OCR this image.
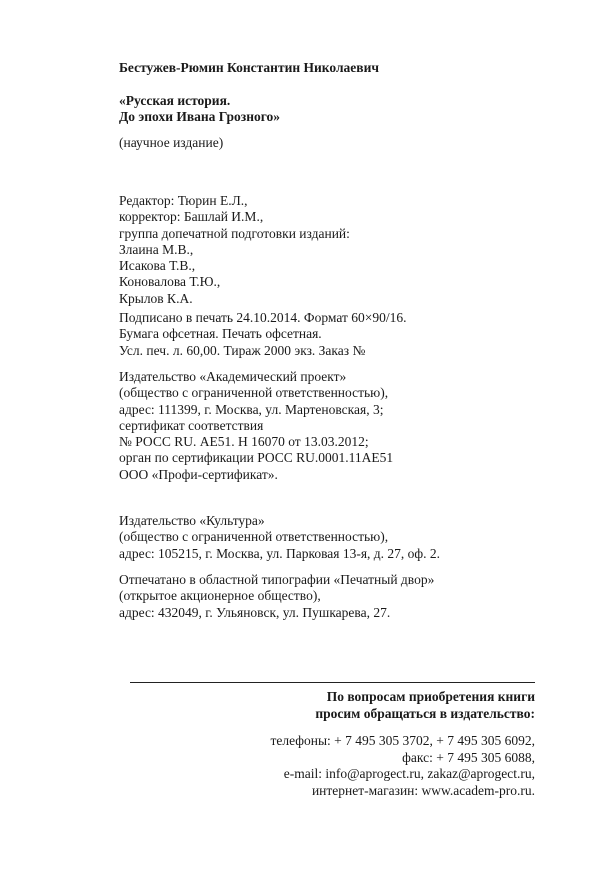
Бестужев-Рюмин Константин Николаевич
«Русская история.
До эпохи Ивана Грозного»
(научное издание)
Редактор: Тюрин Е.Л.,
корректор: Башлай И.М.,
группа допечатной подготовки изданий:
Злаина М.В.,
Исакова Т.В.,
Коновалова Т.Ю.,
Крылов К.А.
Подписано в печать 24.10.2014. Формат 60×90/16.
Бумага офсетная. Печать офсетная.
Усл. печ. л. 60,00. Тираж 2000 экз. Заказ №
Издательство «Академический проект»
(общество с ограниченной ответственностью),
адрес: 111399, г. Москва, ул. Мартеновская, 3;
сертификат соответствия
№ РОСС RU. АЕ51. Н 16070 от 13.03.2012;
орган по сертификации РОСС RU.0001.11АЕ51
ООО «Профи-сертификат».
Издательство «Культура»
(общество с ограниченной ответственностью),
адрес: 105215, г. Москва, ул. Парковая 13-я, д. 27, оф. 2.
Отпечатано в областной типографии «Печатный двор»
(открытое акционерное общество),
адрес: 432049, г. Ульяновск, ул. Пушкарева, 27.
По вопросам приобретения книги
просим обращаться в издательство:
телефоны: + 7 495 305 3702, + 7 495 305 6092,
факс: + 7 495 305 6088,
e-mail: info@aprogect.ru, zakaz@aprogect.ru,
интернет-магазин: www.academ-pro.ru.
